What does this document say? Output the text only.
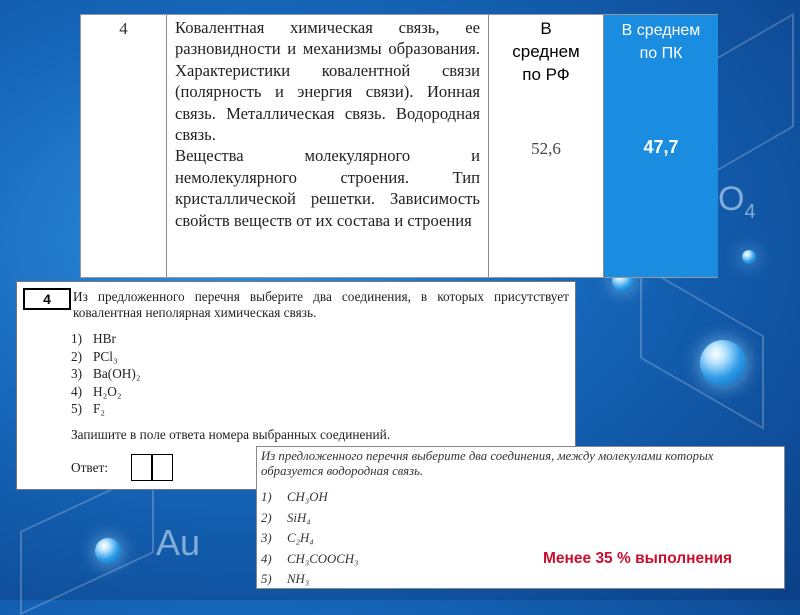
Au
$O_4$
4	Ковалентная химическая связь, ее разновидности и механизмы образования. Характеристики ковалентной связи (полярность и энергия связи). Ионная связь. Металлическая связь. Водородная связь.

Вещества молекулярного и немолекулярного строения. Тип кристаллической решетки. Зависимость свойств веществ от их состава и строения

В среднем по РФ
52,6
В среднем по ПК
47,7
4	Из предложенного перечня выберите два соединения, в которых присутствует ковалентная неполярная химическая связь.
1) HBr
2) PCl₃
3) Ba(OH)₂
4) H₂O₂
5) F₂
Запишите в поле ответа номера выбранных соединений.
Ответ:
Из предложенного перечня выберите два соединения, между молекулами которых образуется водородная связь.
1) CH₃OH
2) SiH₄
3) C₂H₄
4) CH₃COOCH₃
5) NH₃
Менее 35 % выполнения
